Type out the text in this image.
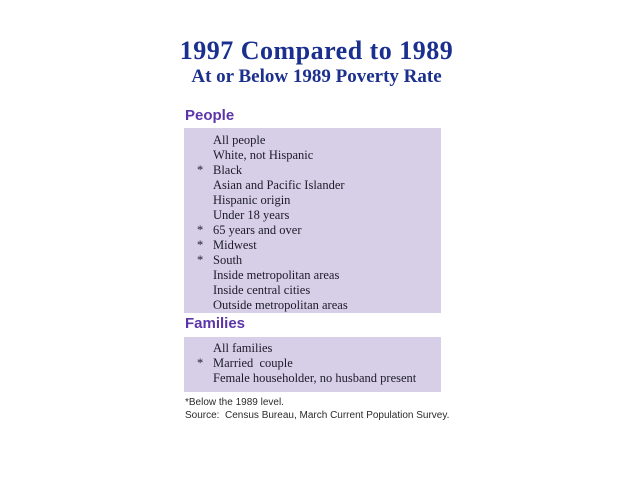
1997 Compared to 1989
At or Below 1989 Poverty Rate
People
All people
White, not Hispanic
* Black
Asian and Pacific Islander
Hispanic origin
Under 18 years
* 65 years and over
* Midwest
* South
Inside metropolitan areas
Inside central cities
Outside metropolitan areas
Families
All families
* Married  couple
Female householder, no husband present
*Below the 1989 level.
Source:  Census Bureau, March Current Population Survey.
